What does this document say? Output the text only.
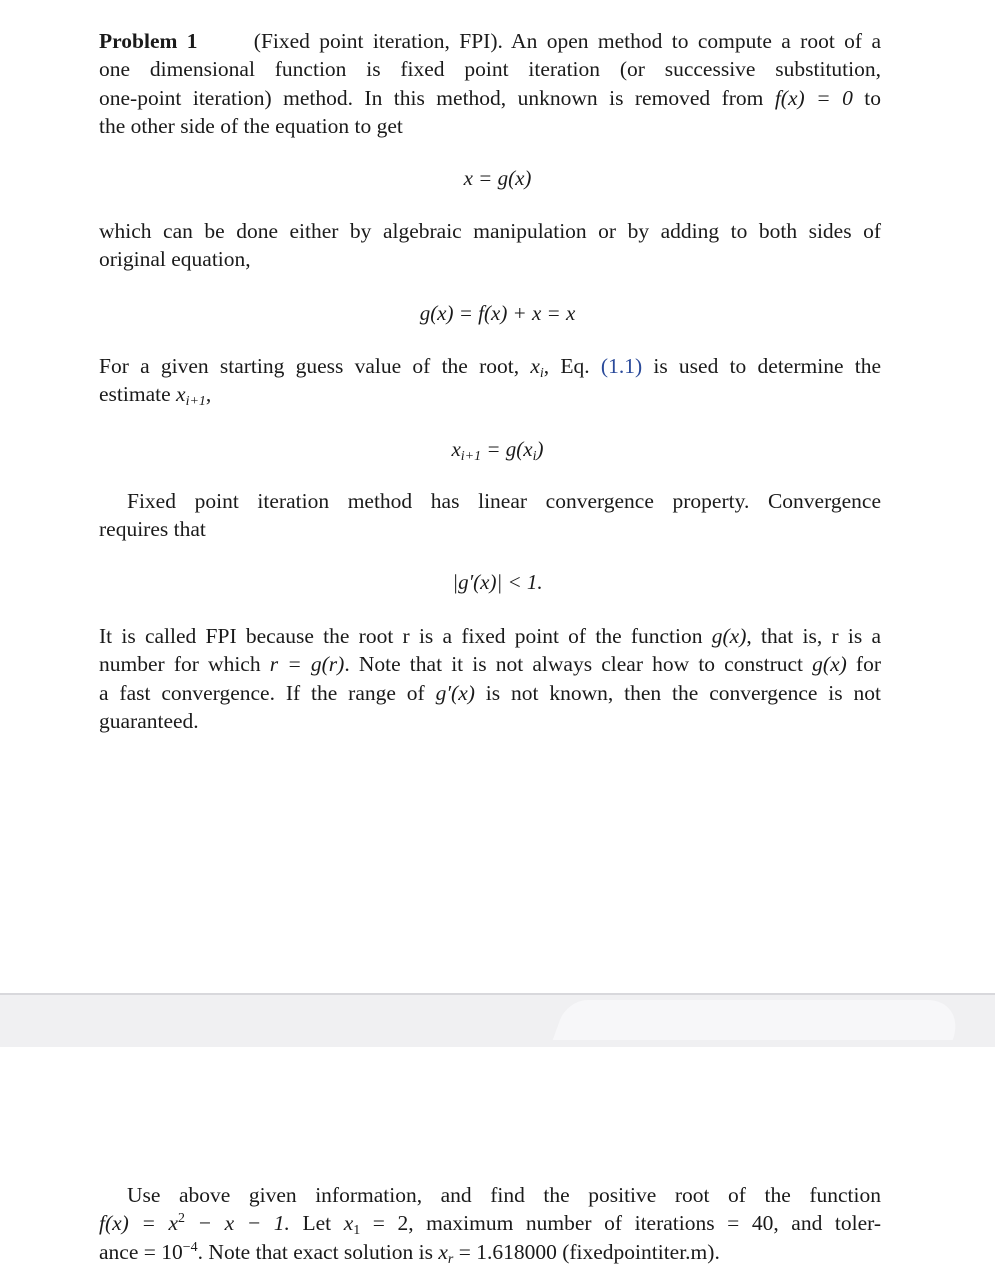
Problem 1	(Fixed point iteration, FPI). An open method to compute a root of a
one dimensional function is fixed point iteration (or successive substitution,
one-point iteration) method. In this method, unknown is removed from f(x) = 0 to
the other side of the equation to get
x = g(x)
which can be done either by algebraic manipulation or by adding to both sides of
original equation,
g(x) = f(x) + x = x
For a given starting guess value of the root, $x_i$, Eq. (1.1) is used to determine the
estimate $x_{i+1}$,
$x_{i+1} = g(x_i)$
Fixed point iteration method has linear convergence property. Convergence
requires that
|g′(x)| < 1.
It is called FPI because the root r is a fixed point of the function g(x), that is, r is a
number for which r = g(r). Note that it is not always clear how to construct g(x) for
a fast convergence. If the range of g′(x) is not known, then the convergence is not
guaranteed.
Use above given information, and find the positive root of the function
$f(x) = x^2 - x - 1$. Let $x_1 = 2$, maximum number of iterations = 40, and toler-
ance = $10^{-4}$. Note that exact solution is $x_r = 1.618000$ (fixedpointiter.m).
